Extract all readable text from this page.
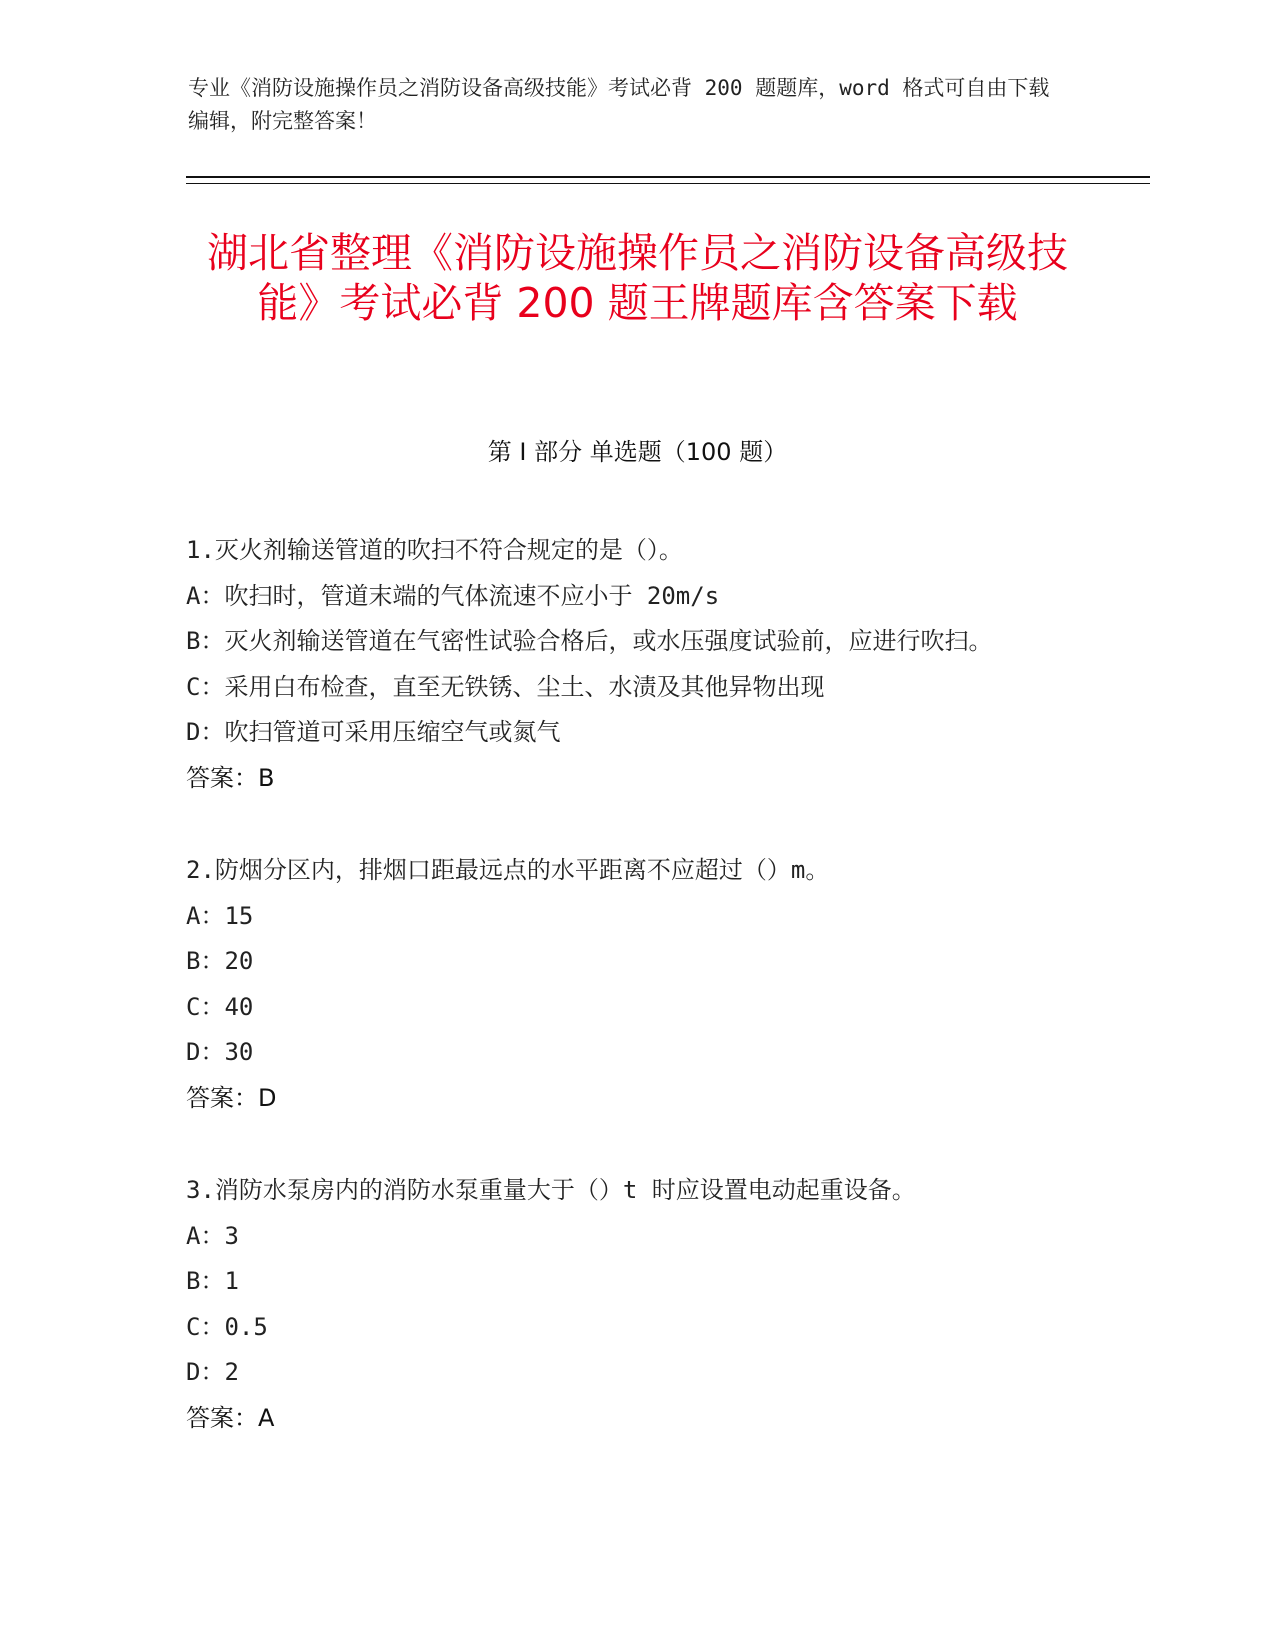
专业《消防设施操作员之消防设备高级技能》考试必背 200 题题库，word 格式可自由下载编辑，附完整答案！
湖北省整理《消防设施操作员之消防设备高级技能》考试必背 200 题王牌题库含答案下载
第 I 部分 单选题（100 题）
1.灭火剂输送管道的吹扫不符合规定的是（）。
A：吹扫时，管道末端的气体流速不应小于 20m/s
B：灭火剂输送管道在气密性试验合格后，或水压强度试验前，应进行吹扫。
C：采用白布检查，直至无铁锈、尘土、水渍及其他异物出现
D：吹扫管道可采用压缩空气或氮气
答案：B
2.防烟分区内，排烟口距最远点的水平距离不应超过（）m。
A：15
B：20
C：40
D：30
答案：D
3.消防水泵房内的消防水泵重量大于（）t 时应设置电动起重设备。
A：3
B：1
C：0.5
D：2
答案：A
